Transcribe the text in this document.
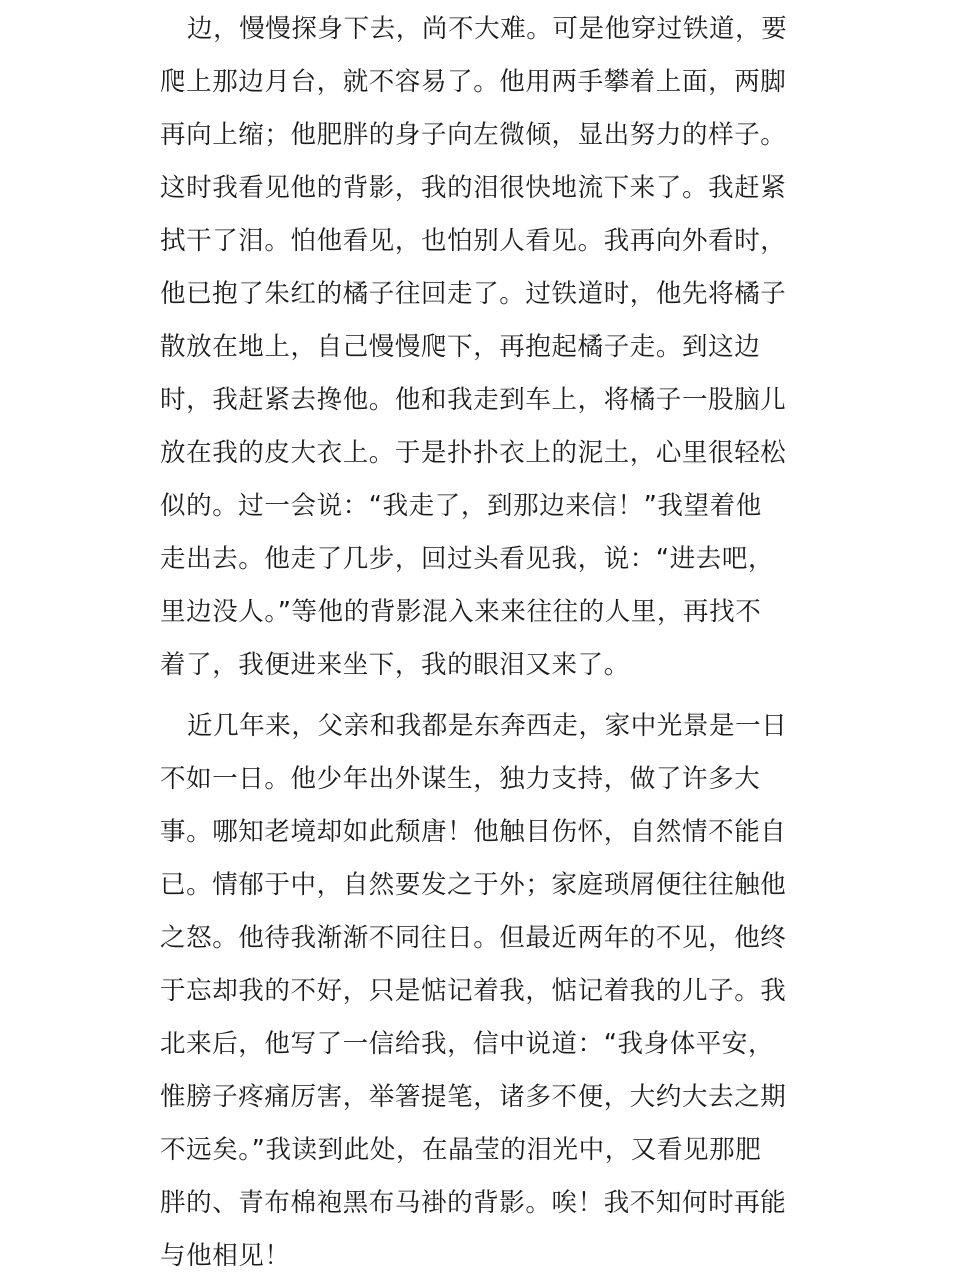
边，慢慢探身下去，尚不大难。可是他穿过铁道，要
爬上那边月台，就不容易了。他用两手攀着上面，两脚
再向上缩；他肥胖的身子向左微倾，显出努力的样子。
这时我看见他的背影，我的泪很快地流下来了。我赶紧
拭干了泪。怕他看见，也怕别人看见。我再向外看时，
他已抱了朱红的橘子往回走了。过铁道时，他先将橘子
散放在地上，自己慢慢爬下，再抱起橘子走。到这边
时，我赶紧去搀他。他和我走到车上，将橘子一股脑儿
放在我的皮大衣上。于是扑扑衣上的泥土，心里很轻松
似的。过一会说：“我走了，到那边来信！”我望着他
走出去。他走了几步，回过头看见我，说：“进去吧，
里边没人。”等他的背影混入来来往往的人里，再找不
着了，我便进来坐下，我的眼泪又来了。
近几年来，父亲和我都是东奔西走，家中光景是一日
不如一日。他少年出外谋生，独力支持，做了许多大
事。哪知老境却如此颓唐！他触目伤怀，自然情不能自
已。情郁于中，自然要发之于外；家庭琐屑便往往触他
之怒。他待我渐渐不同往日。但最近两年的不见，他终
于忘却我的不好，只是惦记着我，惦记着我的儿子。我
北来后，他写了一信给我，信中说道：“我身体平安，
惟膀子疼痛厉害，举箸提笔，诸多不便，大约大去之期
不远矣。”我读到此处，在晶莹的泪光中，又看见那肥
胖的、青布棉袍黑布马褂的背影。唉！我不知何时再能
与他相见！
